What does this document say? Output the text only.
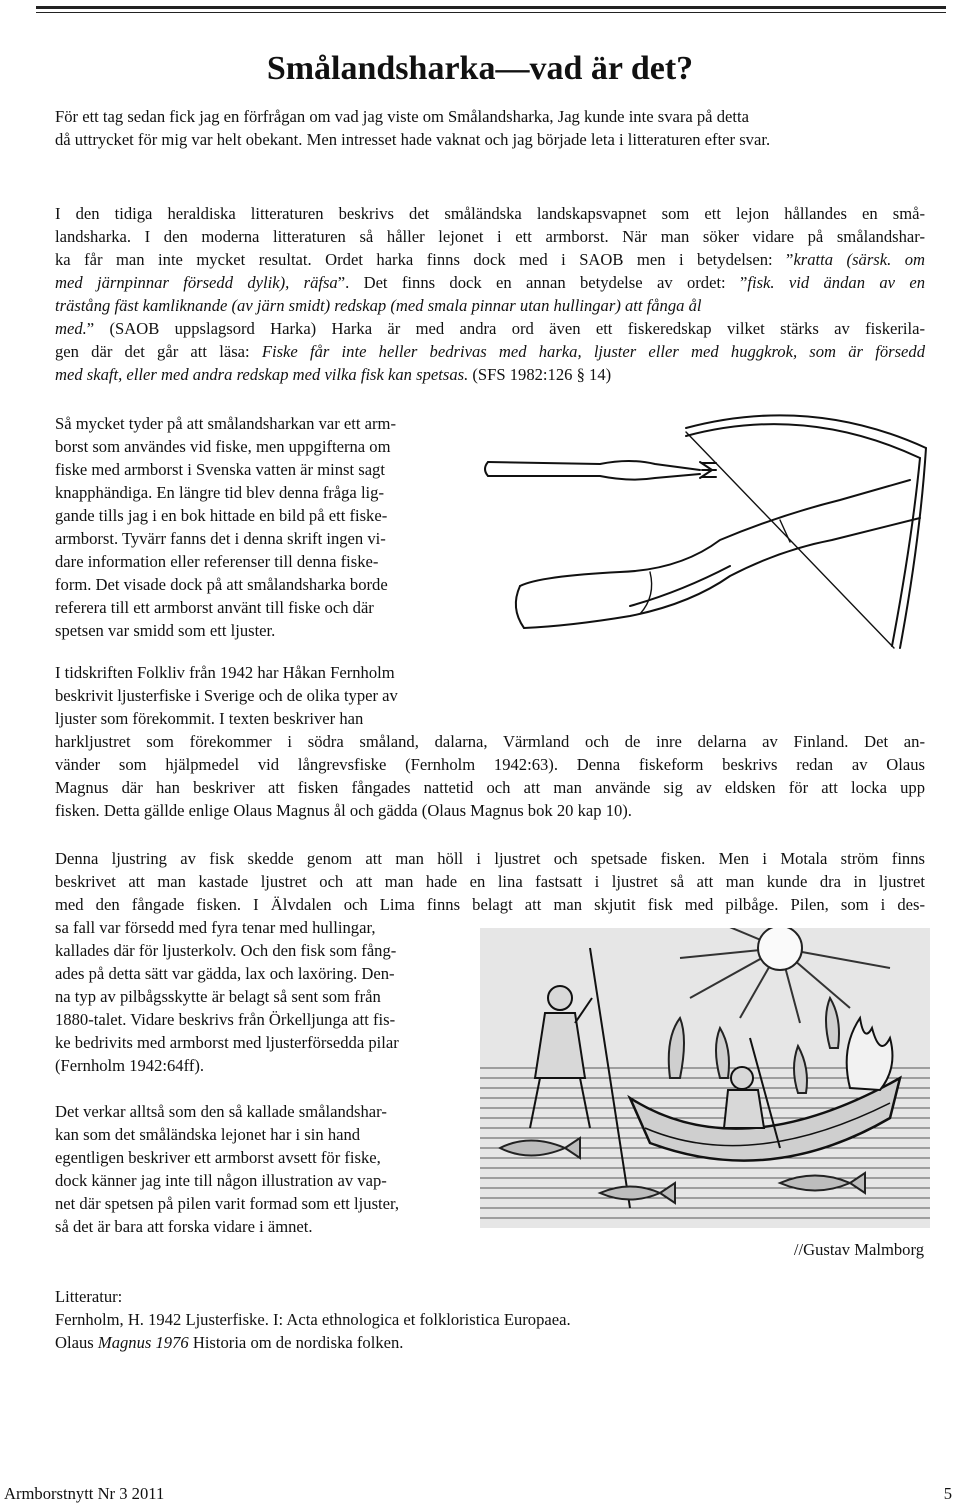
Smålandsharka—vad är det?
För ett tag sedan fick jag en förfrågan om vad jag viste om Smålandsharka, Jag kunde inte svara på detta
då uttrycket för mig var helt obekant. Men intresset hade vaknat och jag började leta i litteraturen efter svar.
I den tidiga heraldiska litteraturen beskrivs det småländska landskapsvapnet som ett lejon hållandes en små-
landsharka. I den moderna litteraturen så håller lejonet i ett armborst. När man söker vidare på smålandshar-
ka får man inte mycket resultat. Ordet harka finns dock med i SAOB men i betydelsen: ”kratta (särsk. om
med järnpinnar försedd dylik), räfsa”. Det finns dock en annan betydelse av ordet: ”fisk. vid ändan av en
trästång fäst kamliknande (av järn smidt) redskap (med smala pinnar utan hullingar) att fånga ål
med.” (SAOB uppslagsord Harka) Harka är med andra ord även ett fiskeredskap vilket stärks av fiskerila-
gen där det går att läsa: Fiske får inte heller bedrivas med harka, ljuster eller med huggkrok, som är försedd
med skaft, eller med andra redskap med vilka fisk kan spetsas. (SFS 1982:126 § 14)
Så mycket tyder på att smålandsharkan var ett arm-
borst som användes vid fiske, men uppgifterna om
fiske med armborst i Svenska vatten är minst sagt
knapphändiga. En längre tid blev denna fråga lig-
gande tills jag i en bok hittade en bild på ett fiske-
armborst. Tyvärr fanns det i denna skrift ingen vi-
dare information eller referenser till denna fiske-
form. Det visade dock på att smålandsharka borde
referera till ett armborst använt till fiske och där
spetsen var smidd som ett ljuster.
I tidskriften Folkliv från 1942 har Håkan Fernholm
beskrivit ljusterfiske i Sverige och de olika typer av
ljuster som förekommit. I texten beskriver han
harkljustret som förekommer i södra småland, dalarna, Värmland och de inre delarna av Finland. Det an-
vänder som hjälpmedel vid långrevsfiske (Fernholm 1942:63). Denna fiskeform beskrivs redan av Olaus
Magnus där han beskriver att fisken fångades nattetid och att man använde sig av eldsken för att locka upp
fisken. Detta gällde enlige Olaus Magnus ål och gädda (Olaus Magnus bok 20 kap 10).
Denna ljustring av fisk skedde genom att man höll i ljustret och spetsade fisken. Men i Motala ström finns
beskrivet att man kastade ljustret och att man hade en lina fastsatt i ljustret så att man kunde dra in ljustret
med den fångade fisken. I Älvdalen och Lima finns belagt att man skjutit fisk med pilbåge. Pilen, som i des-
sa fall var försedd med fyra tenar med hullingar,
kallades där för ljusterkolv. Och den fisk som fång-
ades på detta sätt var gädda, lax och laxöring. Den-
na typ av pilbågsskytte är belagt så sent som från
1880-talet. Vidare beskrivs från Örkelljunga att fis-
ke bedrivits med armborst med ljusterförsedda pilar
(Fernholm 1942:64ff).
Det verkar alltså som den så kallade smålandshar-
kan som det småländska lejonet har i sin hand
egentligen beskriver ett armborst avsett för fiske,
dock känner jag inte till någon illustration av vap-
net där spetsen på pilen varit formad som ett ljuster,
så det är bara att forska vidare i ämnet.
//Gustav Malmborg
Litteratur:
Fernholm, H. 1942 Ljusterfiske. I: Acta ethnologica et folkloristica Europaea.
Olaus Magnus 1976 Historia om de nordiska folken.
Armborstnytt Nr 3 2011	5
